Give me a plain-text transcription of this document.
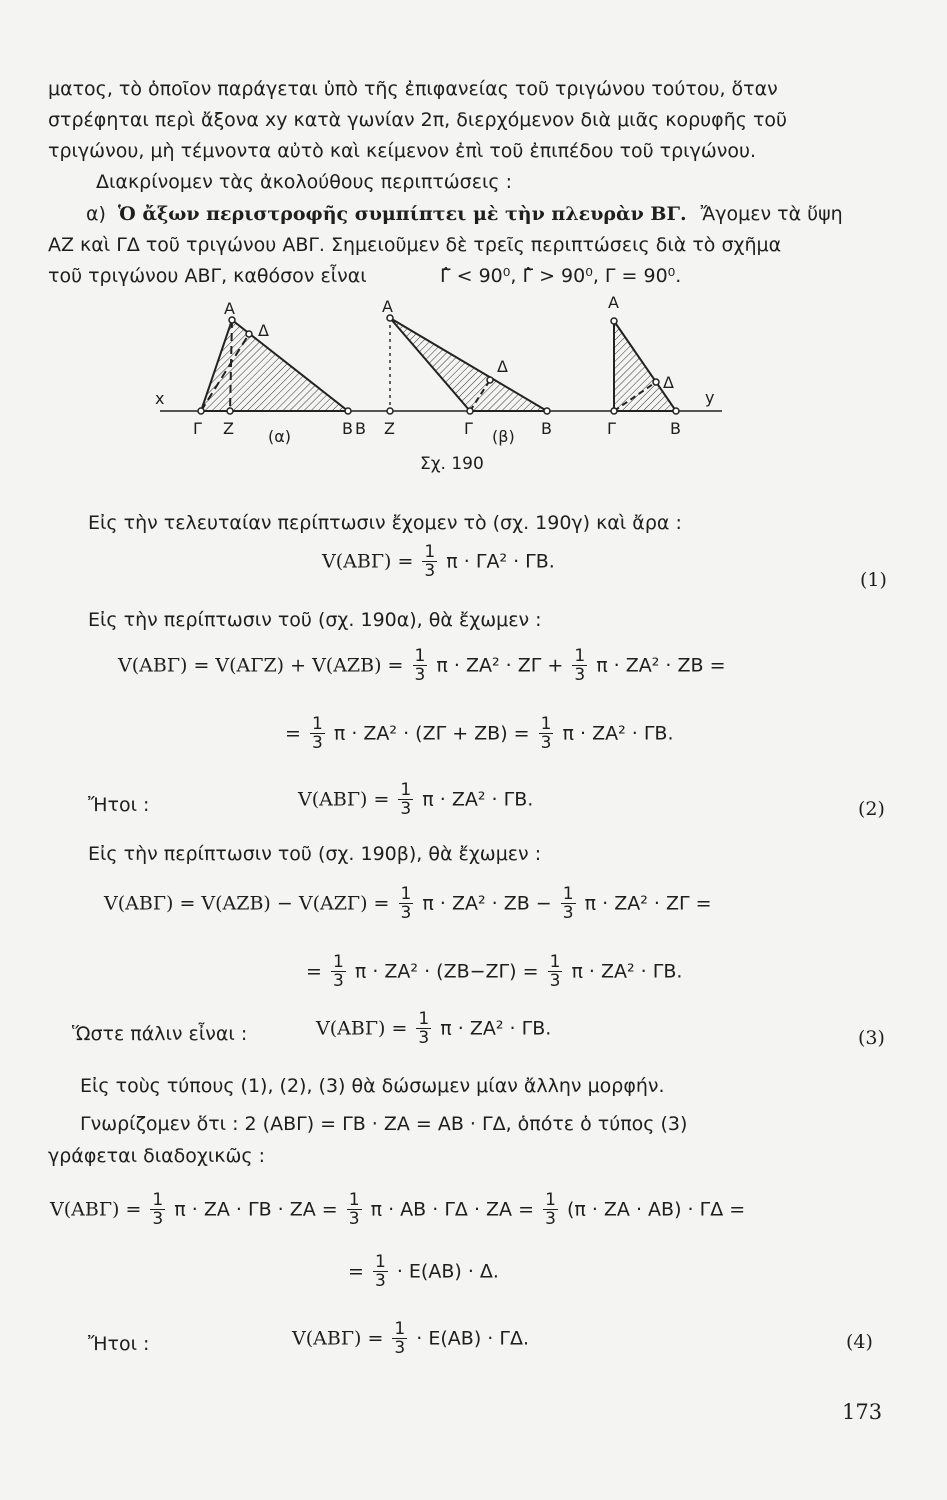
ματος, τὸ ὁποῖον παράγεται ὑπὸ τῆς ἐπιφανείας τοῦ τριγώνου τούτου, ὅταν
στρέφηται περὶ ἄξονα xy κατὰ γωνίαν 2π, διερχόμενον διὰ μιᾶς κορυφῆς τοῦ
τριγώνου, μὴ τέμνοντα αὐτὸ καὶ κείμενον ἐπὶ τοῦ ἐπιπέδου τοῦ τριγώνου.
Διακρίνομεν τὰς ἀκολούθους περιπτώσεις :
α) Ὁ ἄξων περιστροφῆς συμπίπτει μὲ τὴν πλευρὰν ΒΓ. Ἄγομεν τὰ ὕψη
ΑΖ καὶ ΓΔ τοῦ τριγώνου ΑΒΓ. Σημειοῦμεν δὲ τρεῖς περιπτώσεις διὰ τὸ σχῆμα
τοῦ τριγώνου ΑΒΓ, καθόσον εἶναι	Γ̂ < 90⁰, Γ̂ > 90⁰, Γ = 90⁰.
x
Α
Δ
Γ Ζ	Β
(α)
Α
Δ
Β Ζ	Γ	Β
(β)
Α
Δ
y
Γ	Β
Σχ. 190
Εἰς τὴν τελευταίαν περίπτωσιν ἔχομεν τὸ (σχ. 190γ) καὶ ἄρα :
$V(AB\Gamma) = \frac{1}{3}$ π · ΓΑ² · ΓΒ.
(1)
Εἰς τὴν περίπτωσιν τοῦ (σχ. 190α), θὰ ἔχωμεν :
$V(AB\Gamma) = V(A\Gamma Z) + V(AZB) = \frac{1}{3}$ $\pi \cdot ZA^2 \cdot Z\Gamma + \frac{1}{3}$ π · ΖΑ² · ΖΒ =
= $\frac{1}{3}$ $\pi \cdot ZA^2 \cdot (Z\Gamma + ZB) = \frac{1}{3}$ π · ΖΑ² · ΓΒ.
Ἤτοι :	$V(AB\Gamma) = \frac{1}{3}$ π · ΖΑ² · ΓΒ.	(2)
Εἰς τὴν περίπτωσιν τοῦ (σχ. 190β), θὰ ἔχωμεν :
$V(AB\Gamma) = V(AZB) - V(AZ\Gamma) = \frac{1}{3}$ $\pi \cdot ZA^2 \cdot ZB - \frac{1}{3}$ π · ΖΑ² · ΖΓ =
= $\frac{1}{3}$ $\pi \cdot ZA^2 \cdot (ZB-Z\Gamma) = \frac{1}{3}$ π · ΖΑ² · ΓΒ.
Ὥστε πάλιν εἶναι :	$V(AB\Gamma) = \frac{1}{3}$ π · ΖΑ² · ΓΒ.	(3)
Εἰς τοὺς τύπους (1), (2), (3) θὰ δώσωμεν μίαν ἄλλην μορφήν.
Γνωρίζομεν ὅτι : 2 (ΑΒΓ) = ΓΒ · ΖΑ = ΑΒ · ΓΔ, ὁπότε ὁ τύπος (3)
γράφεται διαδοχικῶς :
$V(AB\Gamma) = \frac{1}{3}$ $\pi \cdot ZA \cdot \Gamma B \cdot ZA = \frac{1}{3}$ $\pi \cdot AB \cdot \Gamma\Delta \cdot ZA = \frac{1}{3} (\pi \cdot ZA \cdot AB) \cdot \Gamma\Delta$ =
= $\frac{1}{3} \cdot E(AB) \cdot \Delta$.
Ἤτοι :	$V(AB\Gamma) = \frac{1}{3} \cdot E(AB) \cdot \Gamma\Delta$.	(4)
173
